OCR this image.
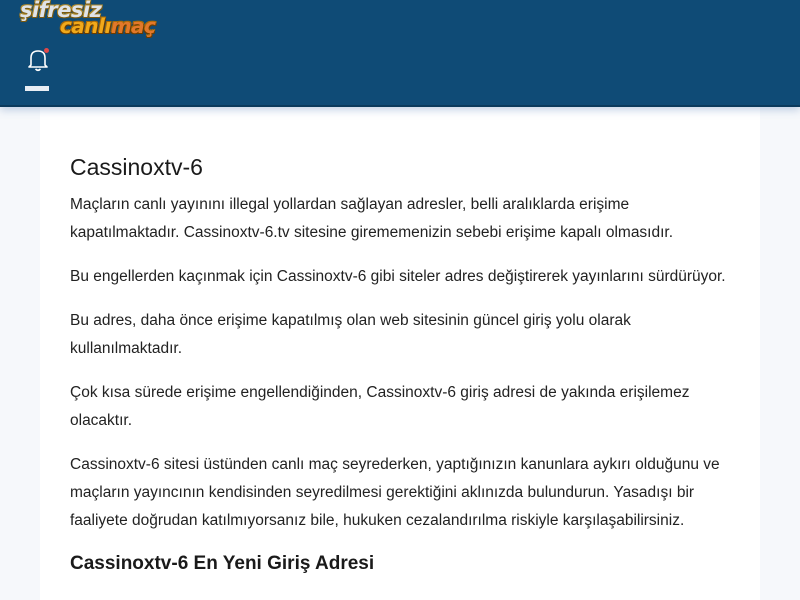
şifresiz
canlımaç
Cassinoxtv-6

Maçların canlı yayınını illegal yollardan sağlayan adresler, belli aralıklarda erişime kapatılmaktadır. Cassinoxtv-6.tv sitesine girememenizin sebebi erişime kapalı olmasıdır.

Bu engellerden kaçınmak için Cassinoxtv-6 gibi siteler adres değiştirerek yayınlarını sürdürüyor.

Bu adres, daha önce erişime kapatılmış olan web sitesinin güncel giriş yolu olarak kullanılmaktadır.

Çok kısa sürede erişime engellendiğinden, Cassinoxtv-6 giriş adresi de yakında erişilemez olacaktır.

Cassinoxtv-6 sitesi üstünden canlı maç seyrederken, yaptığınızın kanunlara aykırı olduğunu ve maçların yayıncının kendisinden seyredilmesi gerektiğini aklınızda bulundurun. Yasadışı bir faaliyete doğrudan katılmıyorsanız bile, hukuken cezalandırılma riskiyle karşılaşabilirsiniz.

Cassinoxtv-6 En Yeni Giriş Adresi
